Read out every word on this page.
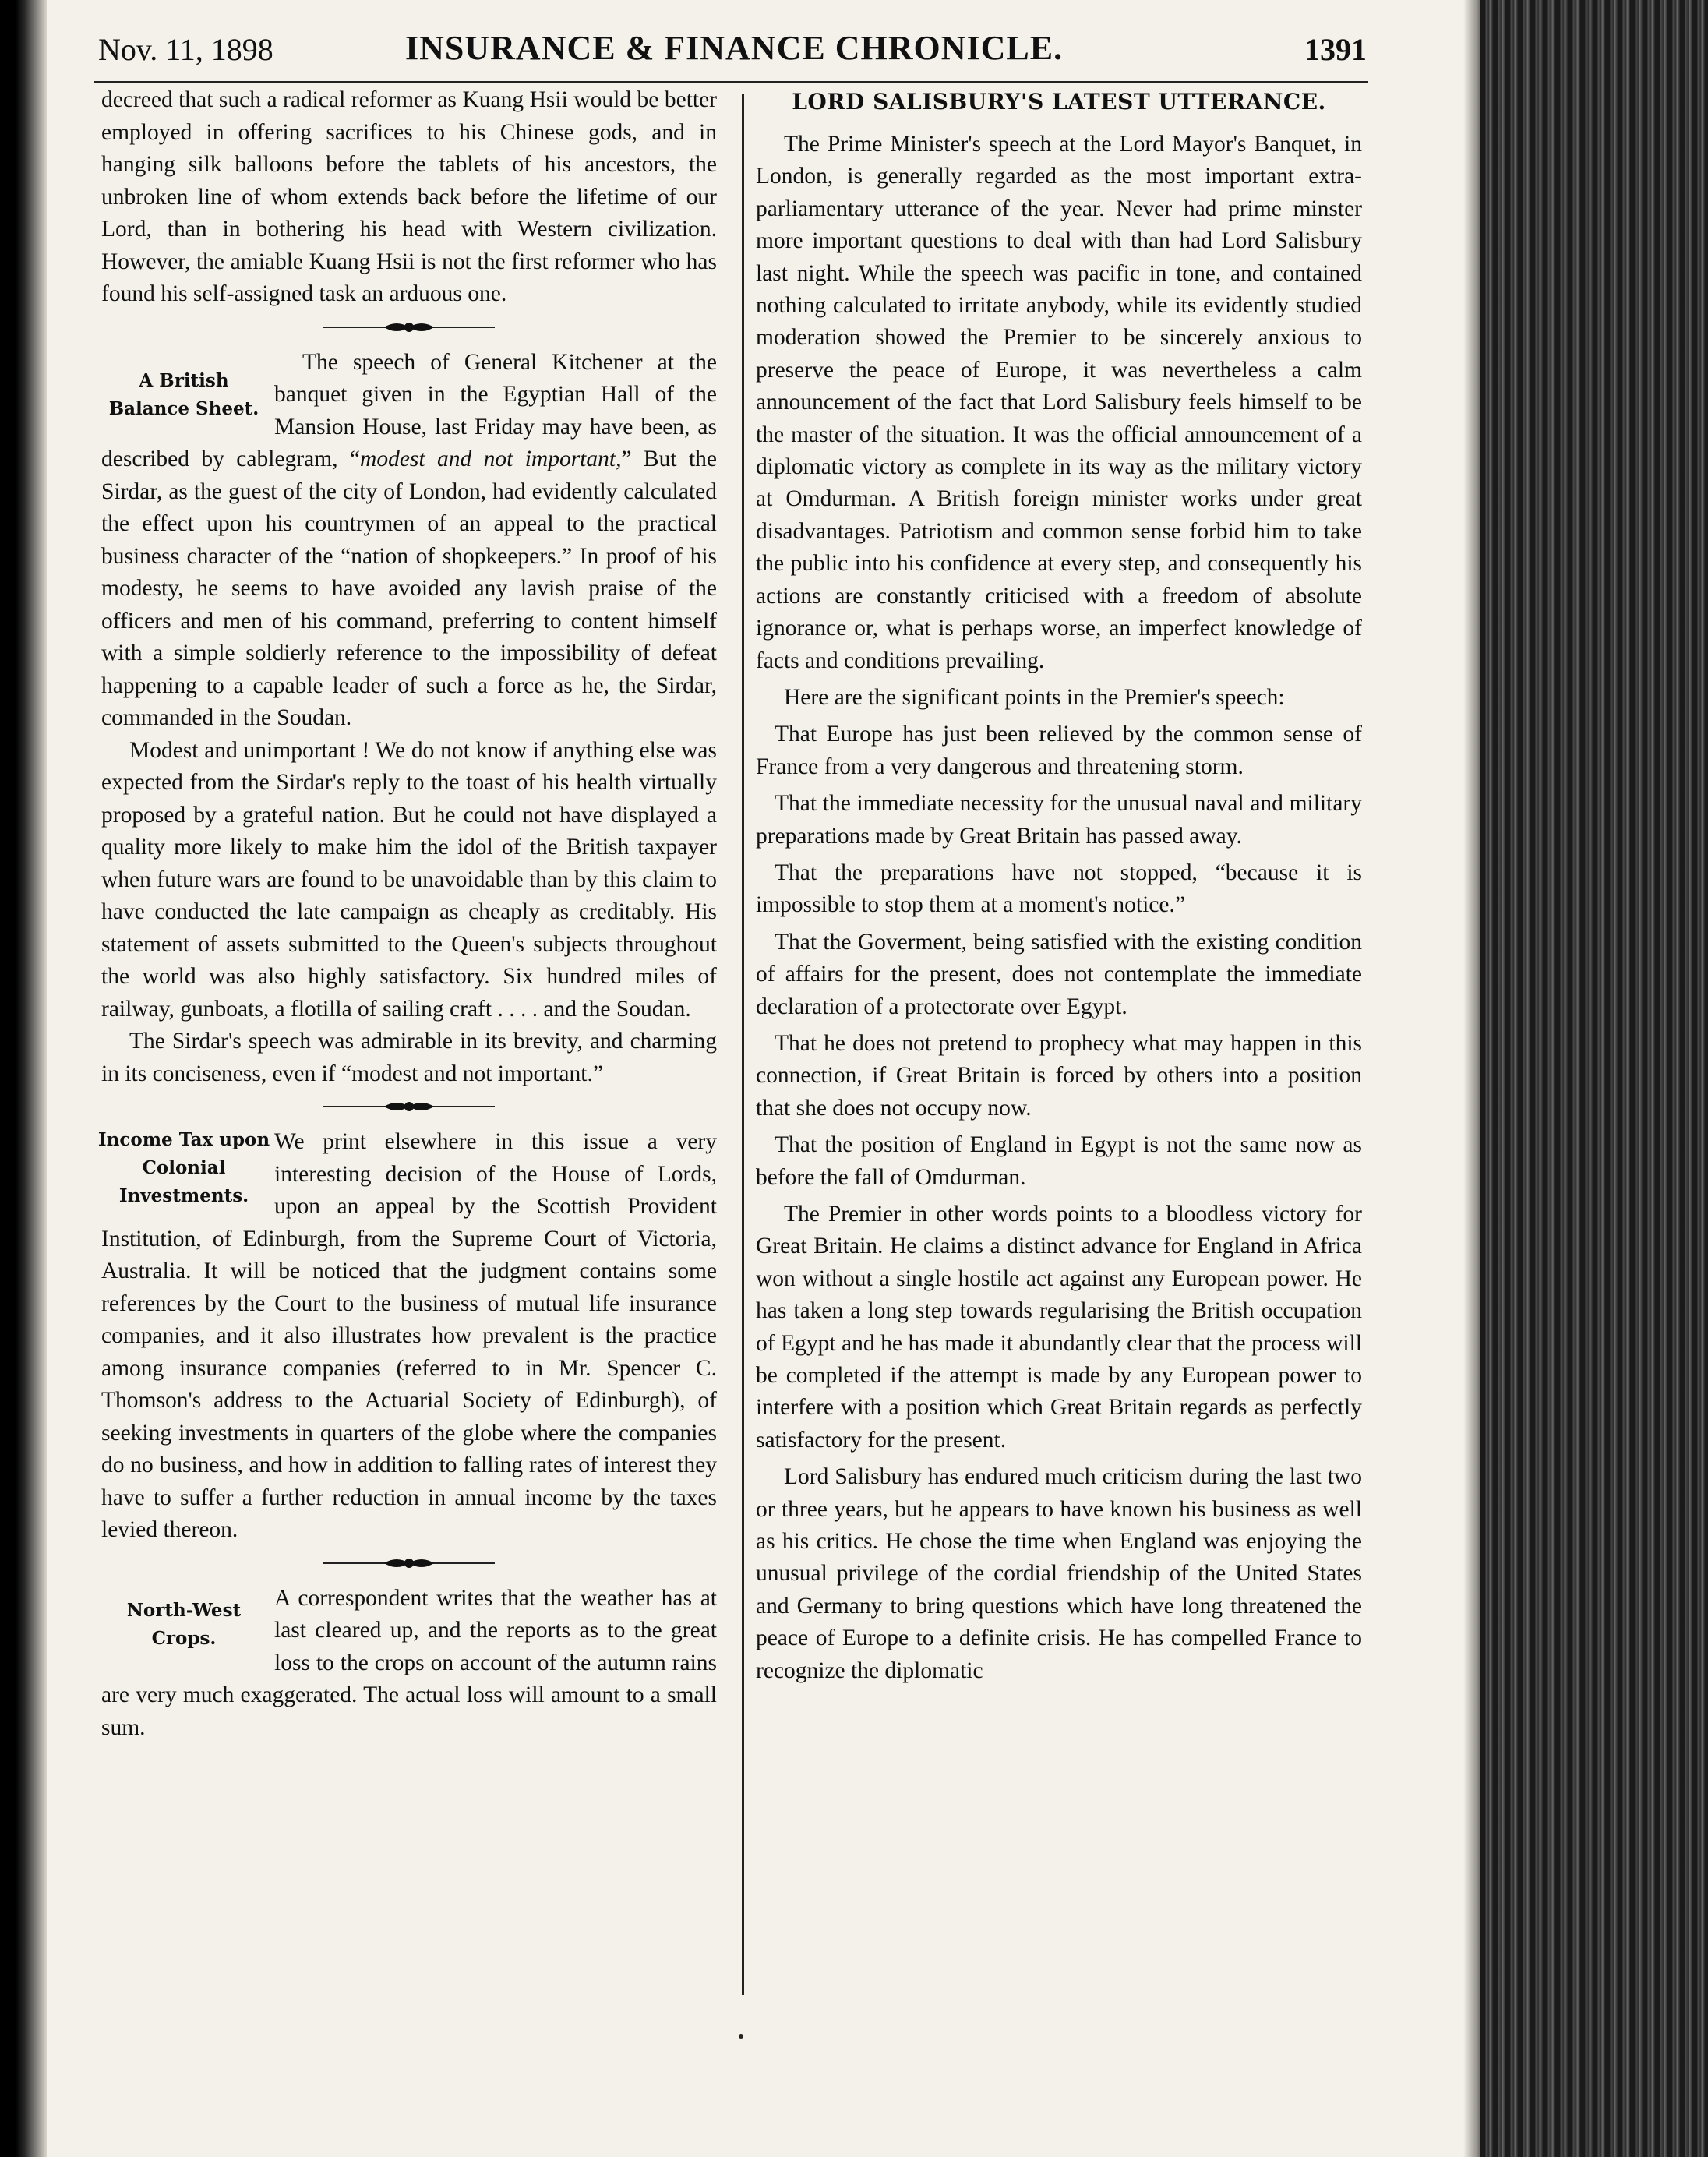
Nov. 11, 1898	INSURANCE & FINANCE CHRONICLE.	1391

decreed that such a radical reformer as Kuang Hsii would be better employed in offering sacrifices to his Chinese gods, and in hanging silk balloons before the tablets of his ancestors, the unbroken line of whom extends back before the lifetime of our Lord, than in bothering his head with Western civilization. However, the amiable Kuang Hsii is not the first reformer who has found his self-assigned task an arduous one.

A British
Balance Sheet.

The speech of General Kitchener at the banquet given in the Egyptian Hall of the Mansion House, last Friday may have been, as described by cablegram, “modest and not important,” But the Sirdar, as the guest of the city of London, had evidently calculated the effect upon his countrymen of an appeal to the practical business character of the “nation of shopkeepers.” In proof of his modesty, he seems to have avoided any lavish praise of the officers and men of his command, preferring to content himself with a simple soldierly reference to the impossibility of defeat happening to a capable leader of such a force as he, the Sirdar, commanded in the Soudan.

Modest and unimportant ! We do not know if anything else was expected from the Sirdar's reply to the toast of his health virtually proposed by a grateful nation. But he could not have displayed a quality more likely to make him the idol of the British taxpayer when future wars are found to be unavoidable than by this claim to have conducted the late campaign as cheaply as creditably. His statement of assets submitted to the Queen's subjects throughout the world was also highly satisfactory. Six hundred miles of railway, gunboats, a flotilla of sailing craft . . . . and the Soudan.

The Sirdar's speech was admirable in its brevity, and charming in its conciseness, even if “modest and not important.”

Income Tax upon
Colonial
Investments.

We print elsewhere in this issue a very interesting decision of the House of Lords, upon an appeal by the Scottish Provident Institution, of Edinburgh, from the Supreme Court of Victoria, Australia. It will be noticed that the judgment contains some references by the Court to the business of mutual life insurance companies, and it also illustrates how prevalent is the practice among insurance companies (referred to in Mr. Spencer C. Thomson's address to the Actuarial Society of Edinburgh), of seeking investments in quarters of the globe where the companies do no business, and how in addition to falling rates of interest they have to suffer a further reduction in annual income by the taxes levied thereon.

North-West
Crops.

A correspondent writes that the weather has at last cleared up, and the reports as to the great loss to the crops on account of the autumn rains are very much exaggerated. The actual loss will amount to a small sum.

LORD SALISBURY'S LATEST UTTERANCE.

The Prime Minister's speech at the Lord Mayor's Banquet, in London, is generally regarded as the most important extra-parliamentary utterance of the year. Never had prime minster more important questions to deal with than had Lord Salisbury last night. While the speech was pacific in tone, and contained nothing calculated to irritate anybody, while its evidently studied moderation showed the Premier to be sincerely anxious to preserve the peace of Europe, it was nevertheless a calm announcement of the fact that Lord Salisbury feels himself to be the master of the situation. It was the official announcement of a diplomatic victory as complete in its way as the military victory at Omdurman. A British foreign minister works under great disadvantages. Patriotism and common sense forbid him to take the public into his confidence at every step, and consequently his actions are constantly criticised with a freedom of absolute ignorance or, what is perhaps worse, an imperfect knowledge of facts and conditions prevailing.

Here are the significant points in the Premier's speech:

That Europe has just been relieved by the common sense of France from a very dangerous and threatening storm.

That the immediate necessity for the unusual naval and military preparations made by Great Britain has passed away.

That the preparations have not stopped, “because it is impossible to stop them at a moment's notice.”

That the Goverment, being satisfied with the existing condition of affairs for the present, does not contemplate the immediate declaration of a protectorate over Egypt.

That he does not pretend to prophecy what may happen in this connection, if Great Britain is forced by others into a position that she does not occupy now.

That the position of England in Egypt is not the same now as before the fall of Omdurman.

The Premier in other words points to a bloodless victory for Great Britain. He claims a distinct advance for England in Africa won without a single hostile act against any European power. He has taken a long step towards regularising the British occupation of Egypt and he has made it abundantly clear that the process will be completed if the attempt is made by any European power to interfere with a position which Great Britain regards as perfectly satisfactory for the present.

Lord Salisbury has endured much criticism during the last two or three years, but he appears to have known his business as well as his critics. He chose the time when England was enjoying the unusual privilege of the cordial friendship of the United States and Germany to bring questions which have long threatened the peace of Europe to a definite crisis. He has compelled France to recognize the diplomatic
